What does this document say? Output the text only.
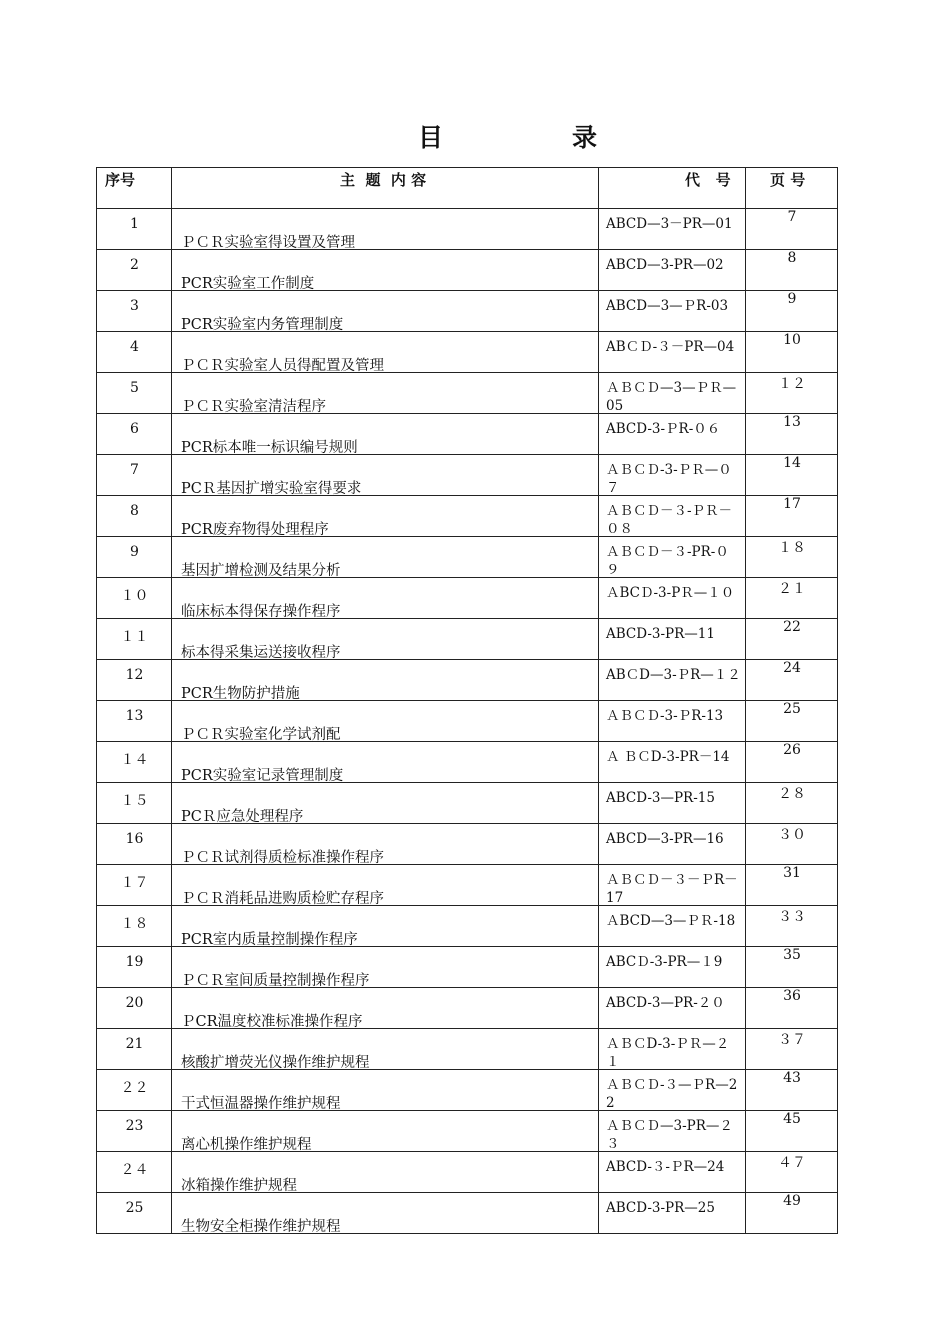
目	录
序号	主  题  内 容	代   号	页 号

1	ＰＣＲ实验室得设置及管理	ABCD—3－PR—01	7

2	PCR实验室工作制度	ABCD—3-PR—02	8

3	PCR实验室内务管理制度	ABCD—3—ＰR-03	9

4	ＰＣＲ实验室人员得配置及管理	ABＣＤ-３－PR—04	10

5	ＰＣＲ实验室清洁程序	ＡＢＣＤ—3—ＰＲ—05	１２

6	PCR标本唯一标识编号规则	ABCD-3-ＰR-０６	13

7	PCＲ基因扩增实验室得要求	ＡＢＣＤ-3-ＰＲ—０７	14

8	PCR废弃物得处理程序	ＡＢＣＤ－３-ＰＲ－０８	17

9	基因扩增检测及结果分析	ＡＢＣＤ－３-PR-０９	１８

１０	临床标本得保存操作程序	ＡBCＤ-3-PＲ—１０	２１

１１	标本得采集运送接收程序	ABCD-3-PR—11	22

12	PCR生物防护措施	ABＣD—3-ＰR—１２	24

13	ＰＣＲ实验室化学试剂配	ＡＢＣＤ-3-ＰR-13	25

１４	PCR实验室记录管理制度	Ａ ＢＣD-3-PR－14	26

１５	PCＲ应急处理程序	ABCD-3—PR-15	２８

16	ＰＣＲ试剂得质检标准操作程序	ABCD—3-PR—16	３０

１７	ＰＣＲ消耗品进购质检贮存程序	ＡＢＣＤ－３－ＰR－17	31

１８	PCR室内质量控制操作程序	ＡBCD—3—ＰＲ-18	３３

19	ＰＣＲ室间质量控制操作程序	ABCＤ-3-PR—１9	35

20	ＰCR温度校准标准操作程序	ABCD-3—PR-２０	36

21	核酸扩增荧光仪操作维护规程	ＡＢＣD-3-ＰＲ—２１	３７

２２	干式恒温器操作维护规程	ＡＢＣＤ-３—ＰR—22	43

23	离心机操作维护规程	ＡＢＣＤ—3-PR—２３	45

２４	冰箱操作维护规程	ABCD-３-ＰR—24	４７

25	生物安全柜操作维护规程	ABCD-3-PR—25	49
